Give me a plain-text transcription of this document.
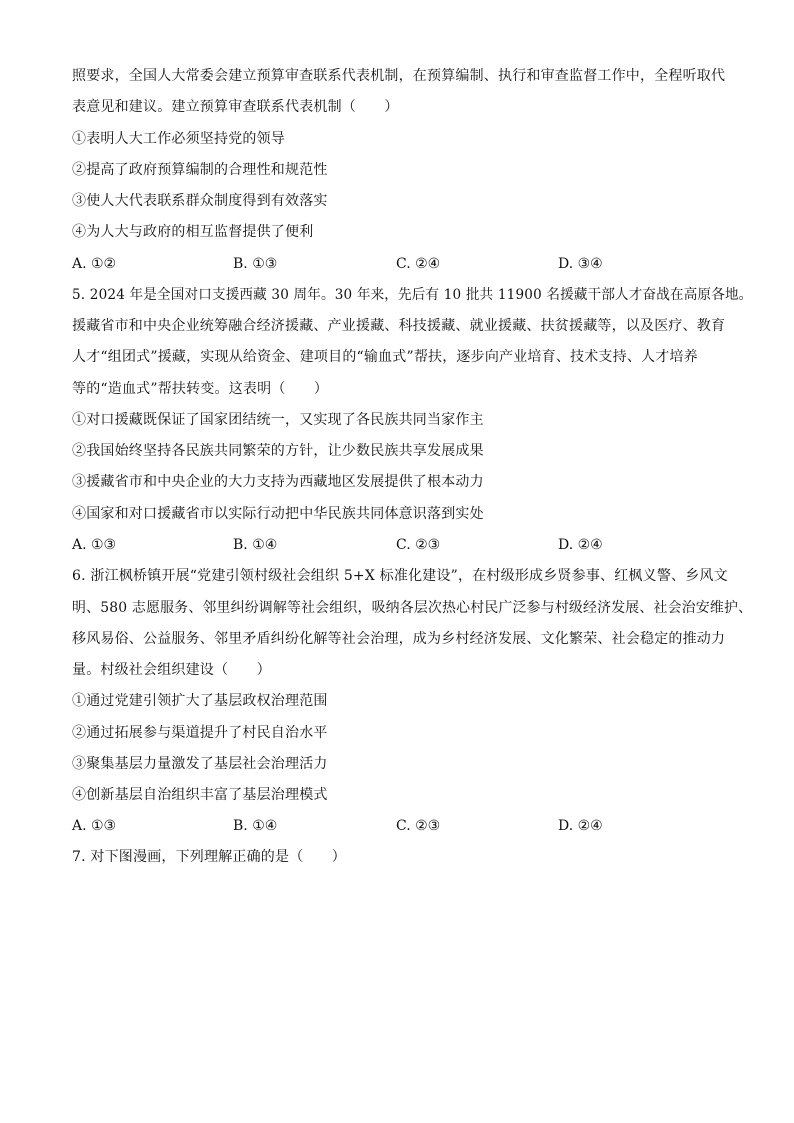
照要求，全国人大常委会建立预算审查联系代表机制，在预算编制、执行和审查监督工作中，全程听取代
表意见和建议。建立预算审查联系代表机制（　　）
①表明人大工作必须坚持党的领导
②提高了政府预算编制的合理性和规范性
③使人大代表联系群众制度得到有效落实
④为人大与政府的相互监督提供了便利
A. ①②	B. ①③	C. ②④	D. ③④
5. 2024 年是全国对口支援西藏 30 周年。30 年来，先后有 10 批共 11900 名援藏干部人才奋战在高原各地。
援藏省市和中央企业统筹融合经济援藏、产业援藏、科技援藏、就业援藏、扶贫援藏等，以及医疗、教育
人才“组团式”援藏，实现从给资金、建项目的“输血式”帮扶，逐步向产业培育、技术支持、人才培养
等的“造血式”帮扶转变。这表明（　　）
①对口援藏既保证了国家团结统一，又实现了各民族共同当家作主
②我国始终坚持各民族共同繁荣的方针，让少数民族共享发展成果
③援藏省市和中央企业的大力支持为西藏地区发展提供了根本动力
④国家和对口援藏省市以实际行动把中华民族共同体意识落到实处
A. ①③	B. ①④	C. ②③	D. ②④
6. 浙江枫桥镇开展“党建引领村级社会组织 5+X 标准化建设”，在村级形成乡贤参事、红枫义警、乡风文
明、580 志愿服务、邻里纠纷调解等社会组织，吸纳各层次热心村民广泛参与村级经济发展、社会治安维护、
移风易俗、公益服务、邻里矛盾纠纷化解等社会治理，成为乡村经济发展、文化繁荣、社会稳定的推动力
量。村级社会组织建设（　　）
①通过党建引领扩大了基层政权治理范围
②通过拓展参与渠道提升了村民自治水平
③聚集基层力量激发了基层社会治理活力
④创新基层自治组织丰富了基层治理模式
A. ①③	B. ①④	C. ②③	D. ②④
7. 对下图漫画，下列理解正确的是（　　）
